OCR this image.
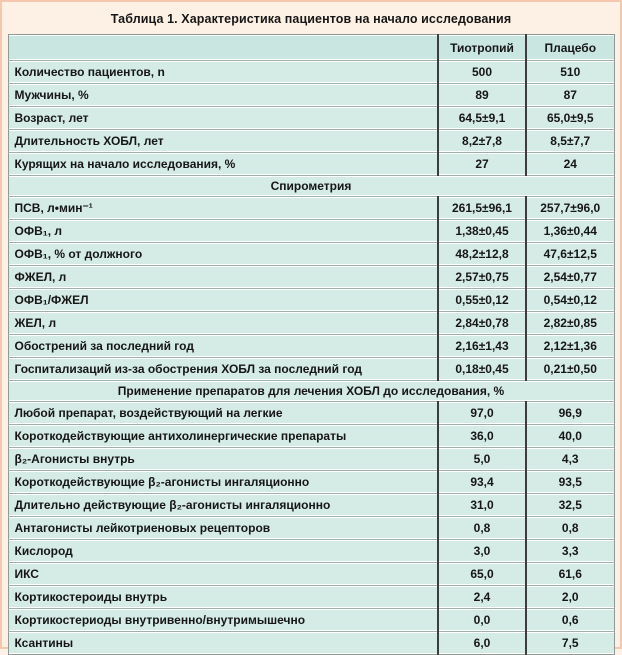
Таблица 1. Характеристика пациентов на начало исследования
	Тиотропий	Плацебо
Количество пациентов, n	500	510
Мужчины, %	89	87
Возраст, лет	64,5±9,1	65,0±9,5
Длительность ХОБЛ, лет	8,2±7,8	8,5±7,7
Курящих на начало исследования, %	27	24
Спирометрия		
ПСВ, л•мин⁻¹	261,5±96,1	257,7±96,0
ОФВ₁, л	1,38±0,45	1,36±0,44
ОФВ₁, % от должного	48,2±12,8	47,6±12,5
ФЖЕЛ, л	2,57±0,75	2,54±0,77
ОФВ₁/ФЖЕЛ	0,55±0,12	0,54±0,12
ЖЕЛ, л	2,84±0,78	2,82±0,85
Обострений за последний год	2,16±1,43	2,12±1,36
Госпитализаций из-за обострения ХОБЛ за последний год	0,18±0,45	0,21±0,50
Применение препаратов для лечения ХОБЛ до исследования, %		
Любой препарат, воздействующий на легкие	97,0	96,9
Короткодействующие антихолинергические препараты	36,0	40,0
β₂-Агонисты внутрь	5,0	4,3
Короткодействующие β₂-агонисты ингаляционно	93,4	93,5
Длительно действующие β₂-агонисты ингаляционно	31,0	32,5
Антагонисты лейкотриеновых рецепторов	0,8	0,8
Кислород	3,0	3,3
ИКС	65,0	61,6
Кортикостероиды внутрь	2,4	2,0
Кортикостериоды внутривенно/внутримышечно	0,0	0,6
Ксантины	6,0	7,5
